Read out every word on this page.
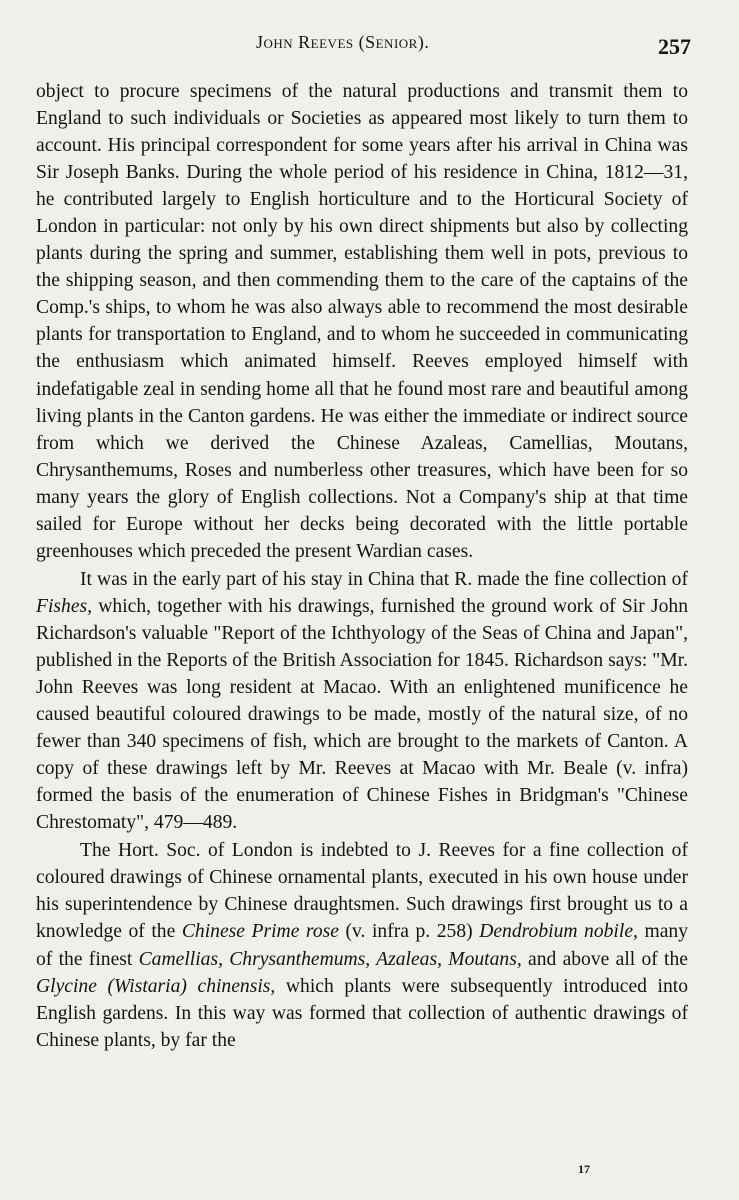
John Reeves (Senior).	257

object to procure specimens of the natural productions and transmit them to England to such individuals or Societies as appeared most likely to turn them to account. His principal correspondent for some years after his arrival in China was Sir Joseph Banks. During the whole period of his residence in China, 1812—31, he contributed largely to English horticulture and to the Horticural Society of London in particular: not only by his own direct shipments but also by collecting plants during the spring and summer, establishing them well in pots, previous to the shipping season, and then commending them to the care of the captains of the Comp.'s ships, to whom he was also always able to recommend the most desirable plants for transportation to England, and to whom he succeeded in communicating the enthusiasm which animated himself. Reeves employed himself with indefatigable zeal in sending home all that he found most rare and beautiful among living plants in the Canton gardens. He was either the immediate or indirect source from which we derived the Chinese Azaleas, Camellias, Moutans, Chrysanthemums, Roses and numberless other treasures, which have been for so many years the glory of English collections. Not a Company's ship at that time sailed for Europe without her decks being decorated with the little portable greenhouses which preceded the present Wardian cases.

It was in the early part of his stay in China that R. made the fine collection of Fishes, which, together with his drawings, furnished the ground work of Sir John Richardson's valuable "Report of the Ichthyology of the Seas of China and Japan", published in the Reports of the British Association for 1845. Richardson says: "Mr. John Reeves was long resident at Macao. With an enlightened munificence he caused beautiful coloured drawings to be made, mostly of the natural size, of no fewer than 340 specimens of fish, which are brought to the markets of Canton. A copy of these drawings left by Mr. Reeves at Macao with Mr. Beale (v. infra) formed the basis of the enumeration of Chinese Fishes in Bridgman's "Chinese Chrestomaty", 479—489.

The Hort. Soc. of London is indebted to J. Reeves for a fine collection of coloured drawings of Chinese ornamental plants, executed in his own house under his superintendence by Chinese draughtsmen. Such drawings first brought us to a knowledge of the Chinese Prime rose (v. infra p. 258) Dendrobium nobile, many of the finest Camellias, Chrysanthemums, Azaleas, Moutans, and above all of the Glycine (Wistaria) chinensis, which plants were subsequently introduced into English gardens. In this way was formed that collection of authentic drawings of Chinese plants, by far the

17
